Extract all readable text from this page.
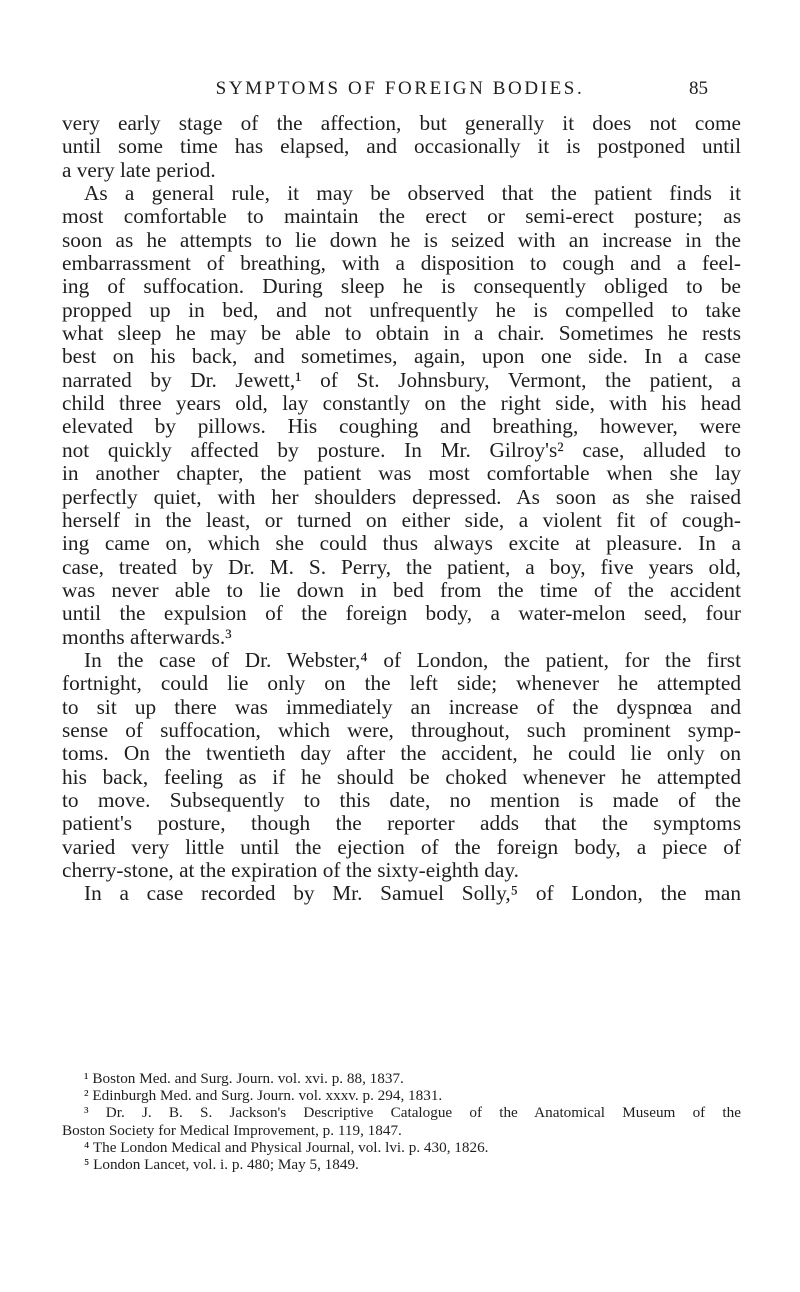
SYMPTOMS OF FOREIGN BODIES.	85
very early stage of the affection, but generally it does not come
until some time has elapsed, and occasionally it is postponed until
a very late period.
As a general rule, it may be observed that the patient finds it
most comfortable to maintain the erect or semi-erect posture; as
soon as he attempts to lie down he is seized with an increase in the
embarrassment of breathing, with a disposition to cough and a feel-
ing of suffocation. During sleep he is consequently obliged to be
propped up in bed, and not unfrequently he is compelled to take
what sleep he may be able to obtain in a chair. Sometimes he rests
best on his back, and sometimes, again, upon one side. In a case
narrated by Dr. Jewett,¹ of St. Johnsbury, Vermont, the patient, a
child three years old, lay constantly on the right side, with his head
elevated by pillows. His coughing and breathing, however, were
not quickly affected by posture. In Mr. Gilroy's² case, alluded to
in another chapter, the patient was most comfortable when she lay
perfectly quiet, with her shoulders depressed. As soon as she raised
herself in the least, or turned on either side, a violent fit of cough-
ing came on, which she could thus always excite at pleasure. In a
case, treated by Dr. M. S. Perry, the patient, a boy, five years old,
was never able to lie down in bed from the time of the accident
until the expulsion of the foreign body, a water-melon seed, four
months afterwards.³
In the case of Dr. Webster,⁴ of London, the patient, for the first
fortnight, could lie only on the left side; whenever he attempted
to sit up there was immediately an increase of the dyspnœa and
sense of suffocation, which were, throughout, such prominent symp-
toms. On the twentieth day after the accident, he could lie only on
his back, feeling as if he should be choked whenever he attempted
to move. Subsequently to this date, no mention is made of the
patient's posture, though the reporter adds that the symptoms
varied very little until the ejection of the foreign body, a piece of
cherry-stone, at the expiration of the sixty-eighth day.
In a case recorded by Mr. Samuel Solly,⁵ of London, the man
¹ Boston Med. and Surg. Journ. vol. xvi. p. 88, 1837.
² Edinburgh Med. and Surg. Journ. vol. xxxv. p. 294, 1831.
³ Dr. J. B. S. Jackson's Descriptive Catalogue of the Anatomical Museum of the
Boston Society for Medical Improvement, p. 119, 1847.
⁴ The London Medical and Physical Journal, vol. lvi. p. 430, 1826.
⁵ London Lancet, vol. i. p. 480; May 5, 1849.
